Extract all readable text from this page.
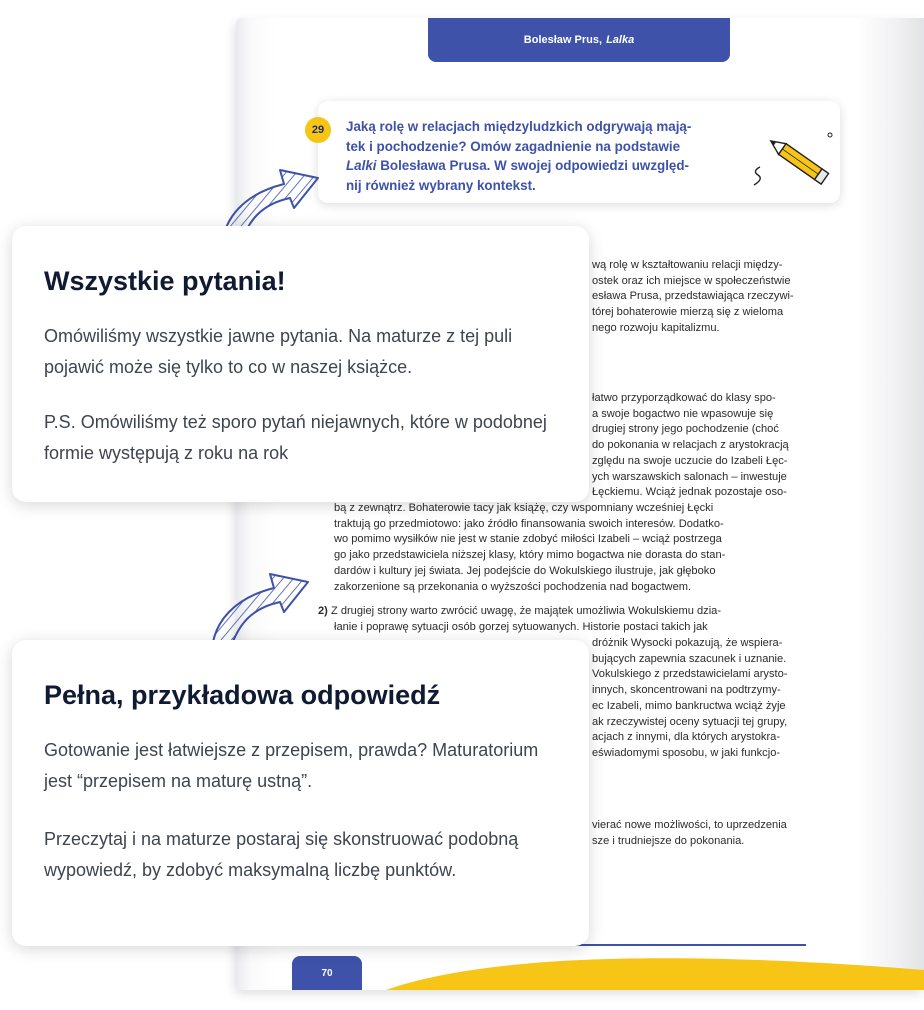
Bolesław Prus, Lalka
29	Jaką rolę w relacjach międzyludzkich odgrywają mają-
tek i pochodzenie? Omów zagadnienie na podstawie
Lalki Bolesława Prusa. W swojej odpowiedzi uwzględ-
nij również wybrany kontekst.

wą rolę w kształtowaniu relacji między-

ostek oraz ich miejsce w społeczeństwie

esława Prusa, przedstawiająca rzeczywi-

tórej bohaterowie mierzą się z wieloma

nego rozwoju kapitalizmu.

łatwo przyporządkować do klasy spo-

a swoje bogactwo nie wpasowuje się

drugiej strony jego pochodzenie (choć

do pokonania w relacjach z arystokracją

zględu na swoje uczucie do Izabeli Łęc-

ych warszawskich salonach – inwestuje

Łęckiemu. Wciąż jednak pozostaje oso-

bą z zewnątrz. Bohaterowie tacy jak książę, czy wspomniany wcześniej Łęcki

traktują go przedmiotowo: jako źródło finansowania swoich interesów. Dodatko-

wo pomimo wysiłków nie jest w stanie zdobyć miłości Izabeli – wciąż postrzega

go jako przedstawiciela niższej klasy, który mimo bogactwa nie dorasta do stan-

dardów i kultury jej świata. Jej podejście do Wokulskiego ilustruje, jak głęboko

zakorzenione są przekonania o wyższości pochodzenia nad bogactwem.

2) Z drugiej strony warto zwrócić uwagę, że majątek umożliwia Wokulskiemu dzia-

łanie i poprawę sytuacji osób gorzej sytuowanych. Historie postaci takich jak

dróżnik Wysocki pokazują, że wspiera-

bujących zapewnia szacunek i uznanie.

Vokulskiego z przedstawicielami arysto-

innych, skoncentrowani na podtrzymy-

ec Izabeli, mimo bankructwa wciąż żyje

ak rzeczywistej oceny sytuacji tej grupy,

acjach z innymi, dla których arystokra-

eświadomymi sposobu, w jaki funkcjo-

vierać nowe możliwości, to uprzedzenia

sze i trudniejsze do pokonania.

70
Wszystkie pytania!
Omówiliśmy wszystkie jawne pytania. Na maturze z tej puli pojawić może się tylko to co w naszej książce.
P.S. Omówiliśmy też sporo pytań niejawnych, które w podobnej formie występują z roku na rok
Pełna, przykładowa odpowiedź
Gotowanie jest łatwiejsze z przepisem, prawda? Maturatorium jest “przepisem na maturę ustną”.
Przeczytaj i na maturze postaraj się skonstruować podobną wypowiedź, by zdobyć maksymalną liczbę punktów.
